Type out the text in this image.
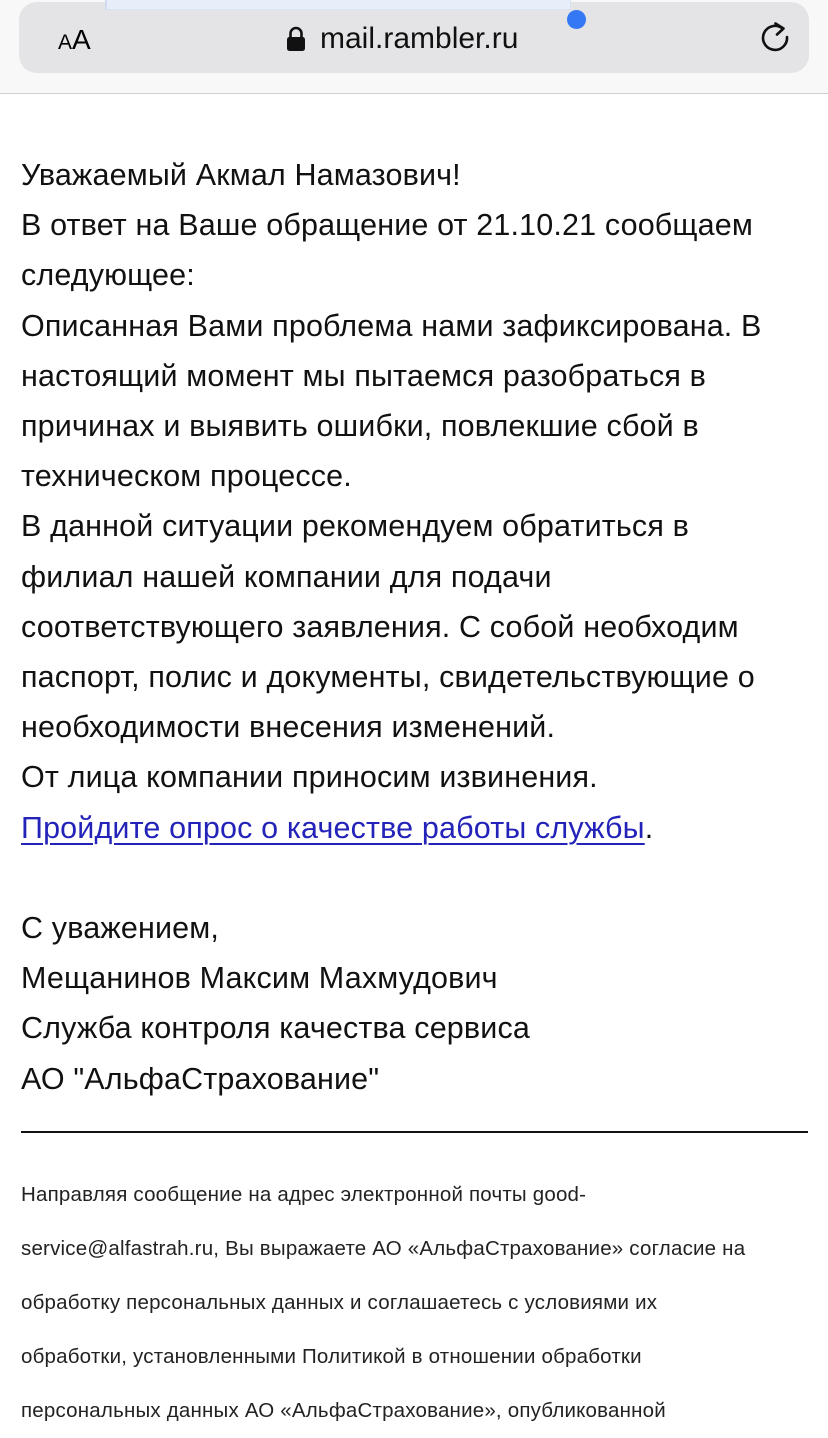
AA	mail.rambler.ru
Уважаемый Акмал Намазович!
В ответ на Ваше обращение от 21.10.21 сообщаем
следующее:
Описанная Вами проблема нами зафиксирована. В
настоящий момент мы пытаемся разобраться в
причинах и выявить ошибки, повлекшие сбой в
техническом процессе.
В данной ситуации рекомендуем обратиться в
филиал нашей компании для подачи
соответствующего заявления. С собой необходим
паспорт, полис и документы, свидетельствующие о
необходимости внесения изменений.
От лица компании приносим извинения.
Пройдите опрос о качестве работы службы.
С уважением,
Мещанинов Максим Махмудович
Служба контроля качества сервиса
АО "АльфаСтрахование"
Направляя сообщение на адрес электронной почты good-
service@alfastrah.ru, Вы выражаете АО «АльфаСтрахование» согласие на
обработку персональных данных и соглашаетесь с условиями их
обработки, установленными Политикой в отношении обработки
персональных данных АО «АльфаСтрахование», опубликованной
